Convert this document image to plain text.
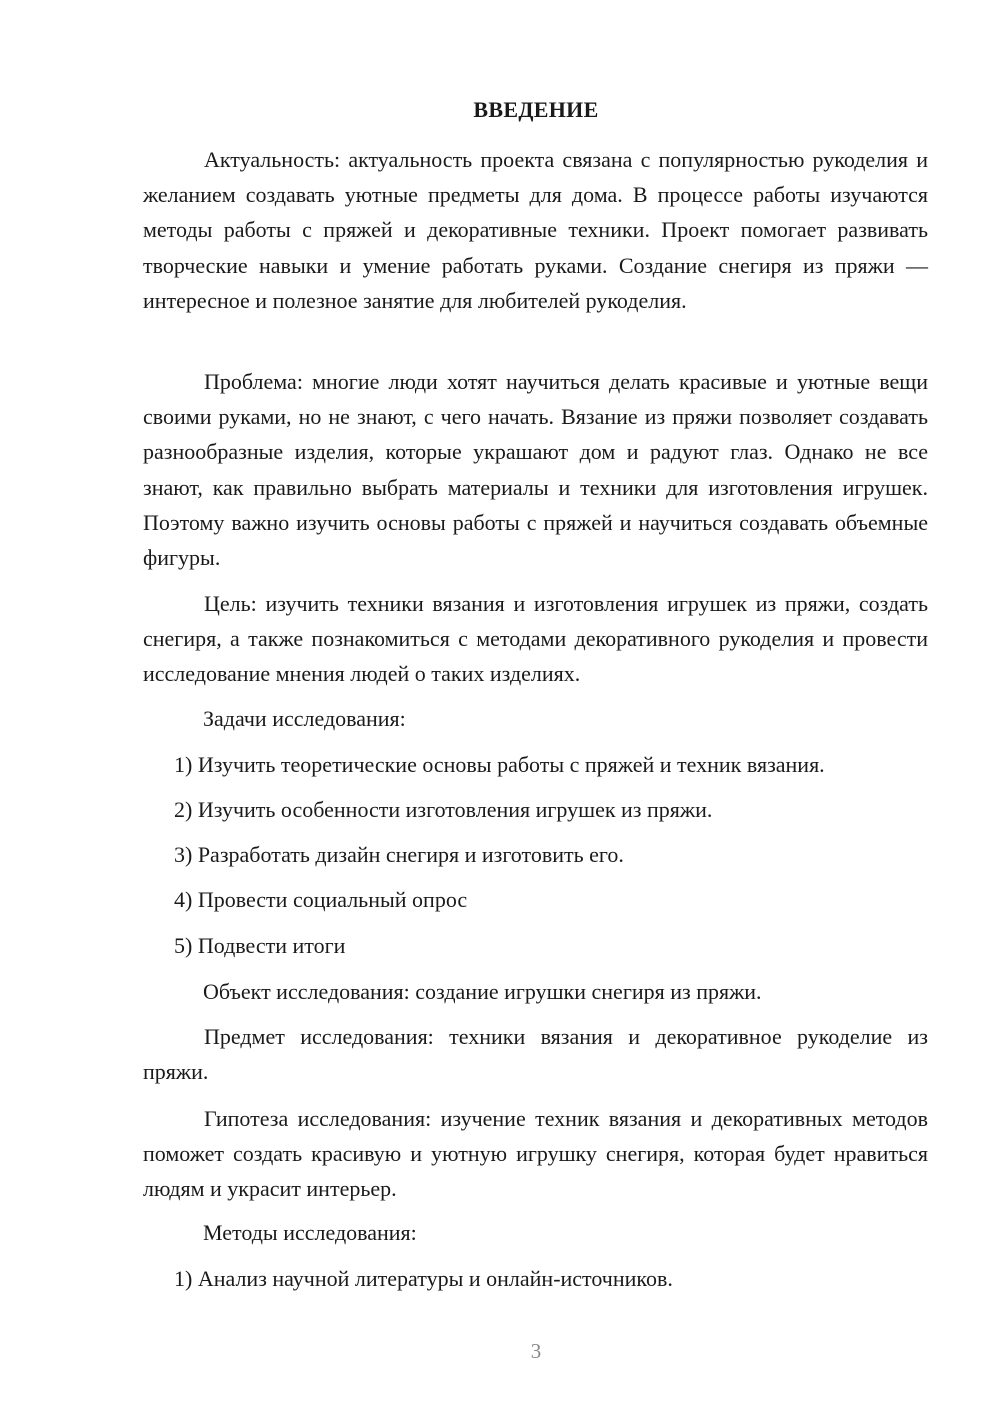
ВВЕДЕНИЕ

Актуальность: актуальность проекта связана с популярностью рукоделия и желанием создавать уютные предметы для дома. В процессе работы изучаются методы работы с пряжей и декоративные техники. Проект помогает развивать творческие навыки и умение работать руками. Создание снегиря из пряжи — интересное и полезное занятие для любителей рукоделия.

Проблема: многие люди хотят научиться делать красивые и уютные вещи своими руками, но не знают, с чего начать. Вязание из пряжи позволяет создавать разнообразные изделия, которые украшают дом и радуют глаз. Однако не все знают, как правильно выбрать материалы и техники для изготовления игрушек. Поэтому важно изучить основы работы с пряжей и научиться создавать объемные фигуры.

Цель: изучить техники вязания и изготовления игрушек из пряжи, создать снегиря, а также познакомиться с методами декоративного рукоделия и провести исследование мнения людей о таких изделиях.

Задачи исследования:

1) Изучить теоретические основы работы с пряжей и техник вязания.

2) Изучить особенности изготовления игрушек из пряжи.

3) Разработать дизайн снегиря и изготовить его.

4) Провести социальный опрос

5) Подвести итоги

Объект исследования: создание игрушки снегиря из пряжи.

Предмет исследования: техники вязания и декоративное рукоделие из пряжи.

Гипотеза исследования: изучение техник вязания и декоративных методов поможет создать красивую и уютную игрушку снегиря, которая будет нравиться людям и украсит интерьер.

Методы исследования:

1) Анализ научной литературы и онлайн-источников.

3
